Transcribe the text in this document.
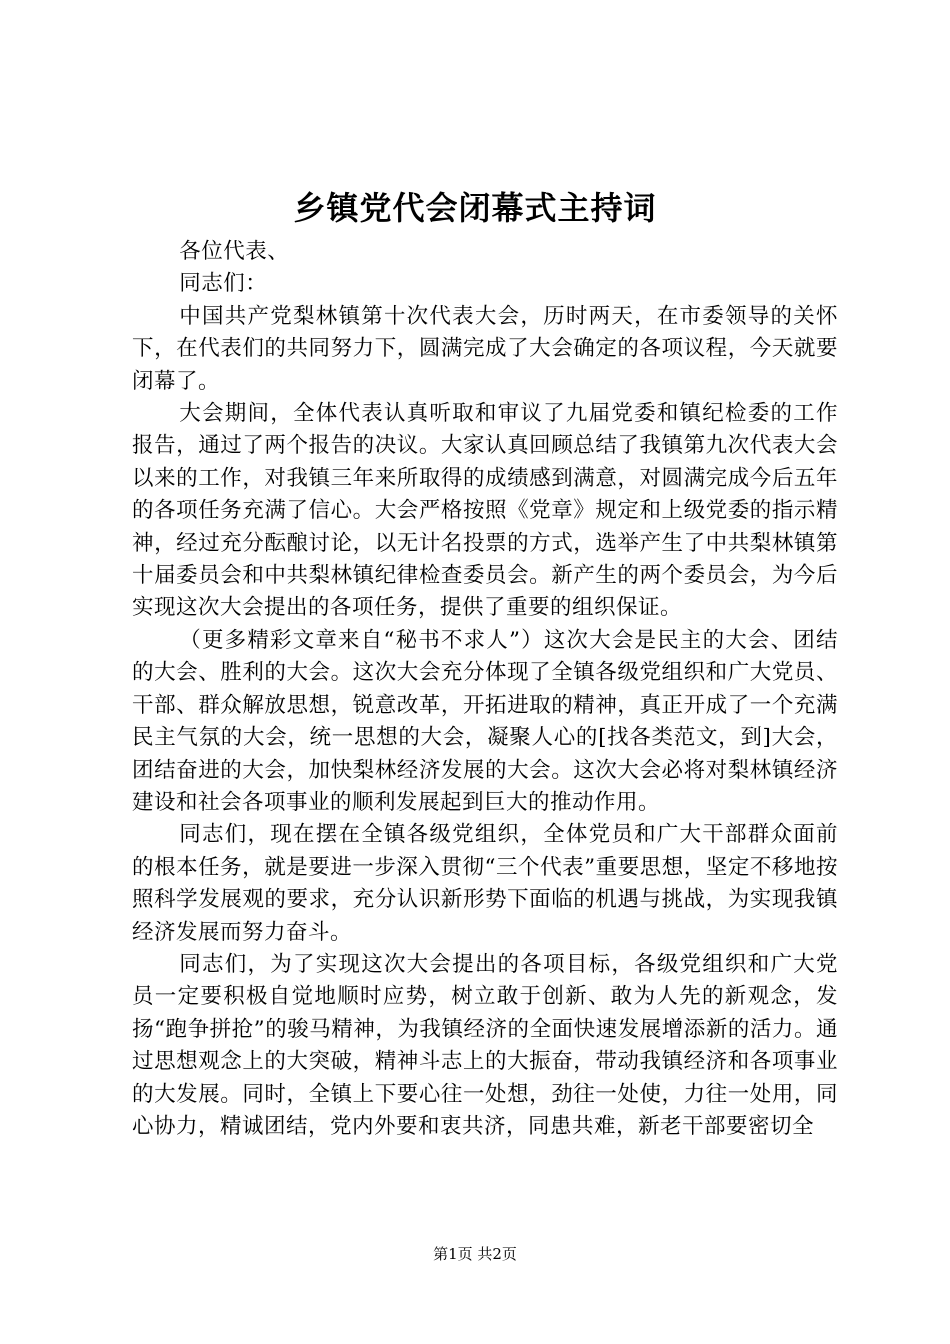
乡镇党代会闭幕式主持词

各位代表、

同志们：

中国共产党梨林镇第十次代表大会，历时两天，在市委领导的关怀下，在代表们的共同努力下，圆满完成了大会确定的各项议程，今天就要闭幕了。

大会期间，全体代表认真听取和审议了九届党委和镇纪检委的工作报告，通过了两个报告的决议。大家认真回顾总结了我镇第九次代表大会以来的工作，对我镇三年来所取得的成绩感到满意，对圆满完成今后五年的各项任务充满了信心。大会严格按照《党章》规定和上级党委的指示精神，经过充分酝酿讨论，以无计名投票的方式，选举产生了中共梨林镇第十届委员会和中共梨林镇纪律检查委员会。新产生的两个委员会，为今后实现这次大会提出的各项任务，提供了重要的组织保证。

（更多精彩文章来自“秘书不求人”）这次大会是民主的大会、团结的大会、胜利的大会。这次大会充分体现了全镇各级党组织和广大党员、干部、群众解放思想，锐意改革，开拓进取的精神，真正开成了一个充满民主气氛的大会，统一思想的大会，凝聚人心的[找各类范文，到]大会，团结奋进的大会，加快梨林经济发展的大会。这次大会必将对梨林镇经济建设和社会各项事业的顺利发展起到巨大的推动作用。

同志们，现在摆在全镇各级党组织，全体党员和广大干部群众面前的根本任务，就是要进一步深入贯彻“三个代表”重要思想，坚定不移地按照科学发展观的要求，充分认识新形势下面临的机遇与挑战，为实现我镇经济发展而努力奋斗。

同志们，为了实现这次大会提出的各项目标，各级党组织和广大党员一定要积极自觉地顺时应势，树立敢于创新、敢为人先的新观念，发扬“跑争拼抢”的骏马精神，为我镇经济的全面快速发展增添新的活力。通过思想观念上的大突破，精神斗志上的大振奋，带动我镇经济和各项事业的大发展。同时，全镇上下要心往一处想，劲往一处使，力往一处用，同心协力，精诚团结，党内外要和衷共济，同患共难，新老干部要密切全

第1页 共2页
